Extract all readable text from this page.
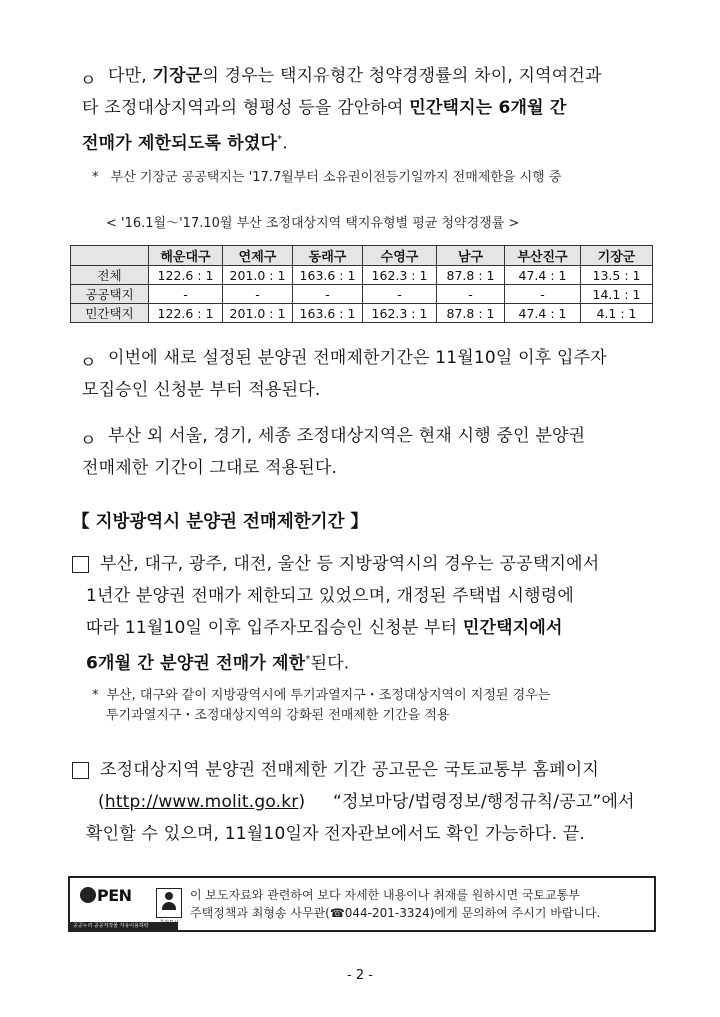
ㅇ 다만, 기장군의 경우는 택지유형간 청약경쟁률의 차이, 지역여건과
타 조정대상지역과의 형평성 등을 감안하여 민간택지는 6개월 간
전매가 제한되도록 하였다*.
* 부산 기장군 공공택지는 '17.7월부터 소유권이전등기일까지 전매제한을 시행 중
< '16.1월～'17.10월 부산 조정대상지역 택지유형별 평균 청약경쟁률 >
	해운대구	연제구	동래구	수영구	남구	부산진구	기장군
전체	122.6 : 1	201.0 : 1	163.6 : 1	162.3 : 1	87.8 : 1	47.4 : 1	13.5 : 1
공공택지	-	-	-	-	-	-	14.1 : 1
민간택지	122.6 : 1	201.0 : 1	163.6 : 1	162.3 : 1	87.8 : 1	47.4 : 1	4.1 : 1
ㅇ 이번에 새로 설정된 분양권 전매제한기간은 11월10일 이후 입주자
모집승인 신청분 부터 적용된다.
ㅇ 부산 외 서울, 경기, 세종 조정대상지역은 현재 시행 중인 분양권
전매제한 기간이 그대로 적용된다.
【 지방광역시 분양권 전매제한기간 】
부산, 대구, 광주, 대전, 울산 등 지방광역시의 경우는 공공택지에서
1년간 분양권 전매가 제한되고 있었으며, 개정된 주택법 시행령에
따라 11월10일 이후 입주자모집승인 신청분 부터 민간택지에서
6개월 간 분양권 전매가 제한*된다.
* 부산, 대구와 같이 지방광역시에 투기과열지구・조정대상지역이 지정된 경우는
투기과열지구・조정대상지역의 강화된 전매제한 기간을 적용
조정대상지역 분양권 전매제한 기간 공고문은 국토교통부 홈페이지
(http://www.molit.go.kr) “정보마당/법령정보/행정규칙/공고”에서
확인할 수 있으며, 11월10일자 전자관보에서도 확인 가능하다. 끝.
PEN
공공누리 공공저작물 자유이용허락
이 보도자료와 관련하여 보다 자세한 내용이나 취재를 원하시면 국토교통부
주택정책과 최형송 사무관(☎044-201-3324)에게 문의하여 주시기 바랍니다.
- 2 -
